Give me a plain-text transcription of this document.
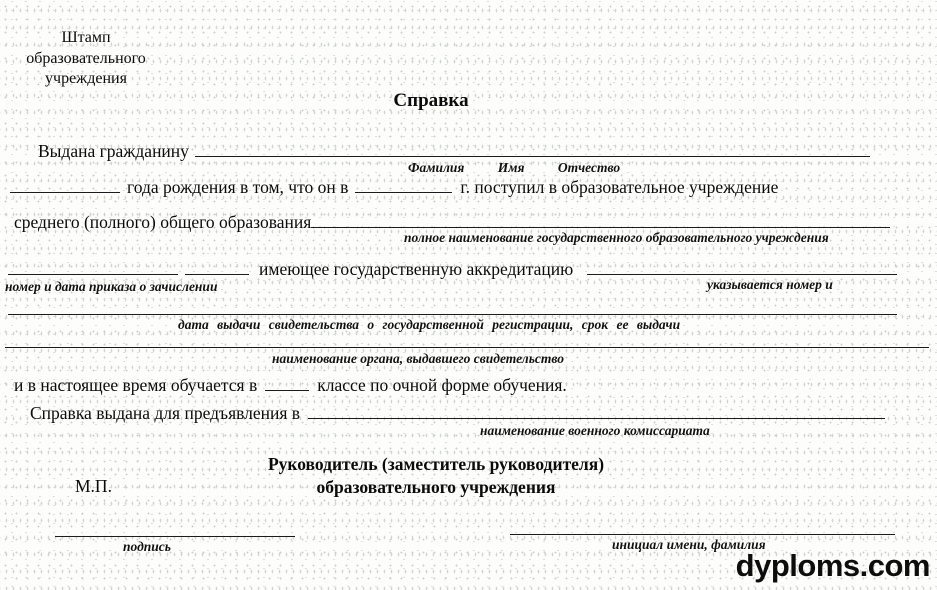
Штамп
образовательного
учреждения
Справка
Выдана гражданину
Фамилия Имя Отчество
года рождения в том, что он в	г. поступил в образовательное учреждение
среднего (полного) общего образования
полное наименование государственного образовательного учреждения
имеющее государственную аккредитацию
номер и дата приказа о зачислении	указывается номер и
дата выдачи свидетельства о государственной регистрации, срок ее выдачи
наименование органа, выдавшего свидетельство
и в настоящее время обучается в	классе по очной форме обучения.
Справка выдана для предъявления в
наименование военного комиссариата
Руководитель (заместитель руководителя)
образовательного учреждения
М.П.
подпись	инициал имени, фамилия
dyploms.com
